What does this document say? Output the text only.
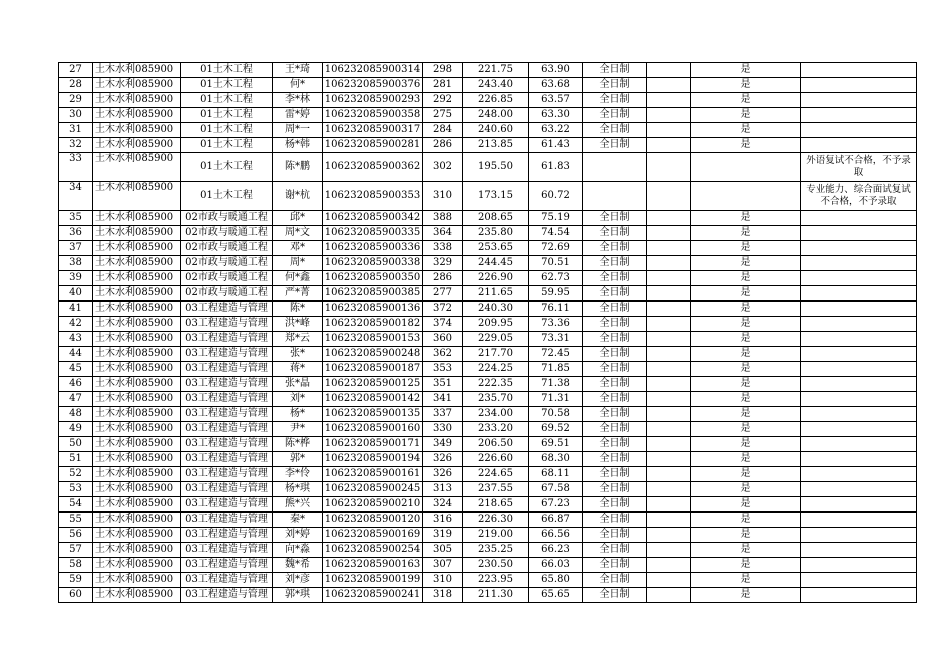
27	土木水利085900	01土木工程	王*琦	106232085900314	298	221.75	63.90	全日制		是	
28	土木水利085900	01土木工程	何*	106232085900376	281	243.40	63.68	全日制		是	
29	土木水利085900	01土木工程	李*林	106232085900293	292	226.85	63.57	全日制		是	
30	土木水利085900	01土木工程	雷*婷	106232085900358	275	248.00	63.30	全日制		是	
31	土木水利085900	01土木工程	周*一	106232085900317	284	240.60	63.22	全日制		是	
32	土木水利085900	01土木工程	杨*韩	106232085900281	286	213.85	61.43	全日制		是	
33	土木水利085900	01土木工程	陈*鹏	106232085900362	302	195.50	61.83				外语复试不合格，不予录取
34	土木水利085900	01土木工程	谢*杭	106232085900353	310	173.15	60.72				专业能力、综合面试复试不合格，不予录取
35	土木水利085900	02市政与暖通工程	邱*	106232085900342	388	208.65	75.19	全日制		是	
36	土木水利085900	02市政与暖通工程	周*文	106232085900335	364	235.80	74.54	全日制		是	
37	土木水利085900	02市政与暖通工程	邓*	106232085900336	338	253.65	72.69	全日制		是	
38	土木水利085900	02市政与暖通工程	周*	106232085900338	329	244.45	70.51	全日制		是	
39	土木水利085900	02市政与暖通工程	何*鑫	106232085900350	286	226.90	62.73	全日制		是	
40	土木水利085900	02市政与暖通工程	严*菁	106232085900385	277	211.65	59.95	全日制		是	
41	土木水利085900	03工程建造与管理	陈*	106232085900136	372	240.30	76.11	全日制		是	
42	土木水利085900	03工程建造与管理	洪*峰	106232085900182	374	209.95	73.36	全日制		是	
43	土木水利085900	03工程建造与管理	郑*云	106232085900153	360	229.05	73.31	全日制		是	
44	土木水利085900	03工程建造与管理	张*	106232085900248	362	217.70	72.45	全日制		是	
45	土木水利085900	03工程建造与管理	蒋*	106232085900187	353	224.25	71.85	全日制		是	
46	土木水利085900	03工程建造与管理	张*晶	106232085900125	351	222.35	71.38	全日制		是	
47	土木水利085900	03工程建造与管理	刘*	106232085900142	341	235.70	71.31	全日制		是	
48	土木水利085900	03工程建造与管理	杨*	106232085900135	337	234.00	70.58	全日制		是	
49	土木水利085900	03工程建造与管理	尹*	106232085900160	330	233.20	69.52	全日制		是	
50	土木水利085900	03工程建造与管理	陈*桦	106232085900171	349	206.50	69.51	全日制		是	
51	土木水利085900	03工程建造与管理	郭*	106232085900194	326	226.60	68.30	全日制		是	
52	土木水利085900	03工程建造与管理	李*伶	106232085900161	326	224.65	68.11	全日制		是	
53	土木水利085900	03工程建造与管理	杨*琪	106232085900245	313	237.55	67.58	全日制		是	
54	土木水利085900	03工程建造与管理	熊*兴	106232085900210	324	218.65	67.23	全日制		是	
55	土木水利085900	03工程建造与管理	秦*	106232085900120	316	226.30	66.87	全日制		是	
56	土木水利085900	03工程建造与管理	刘*婷	106232085900169	319	219.00	66.56	全日制		是	
57	土木水利085900	03工程建造与管理	向*淼	106232085900254	305	235.25	66.23	全日制		是	
58	土木水利085900	03工程建造与管理	魏*希	106232085900163	307	230.50	66.03	全日制		是	
59	土木水利085900	03工程建造与管理	刘*彦	106232085900199	310	223.95	65.80	全日制		是	
60	土木水利085900	03工程建造与管理	郭*琪	106232085900241	318	211.30	65.65	全日制		是	
